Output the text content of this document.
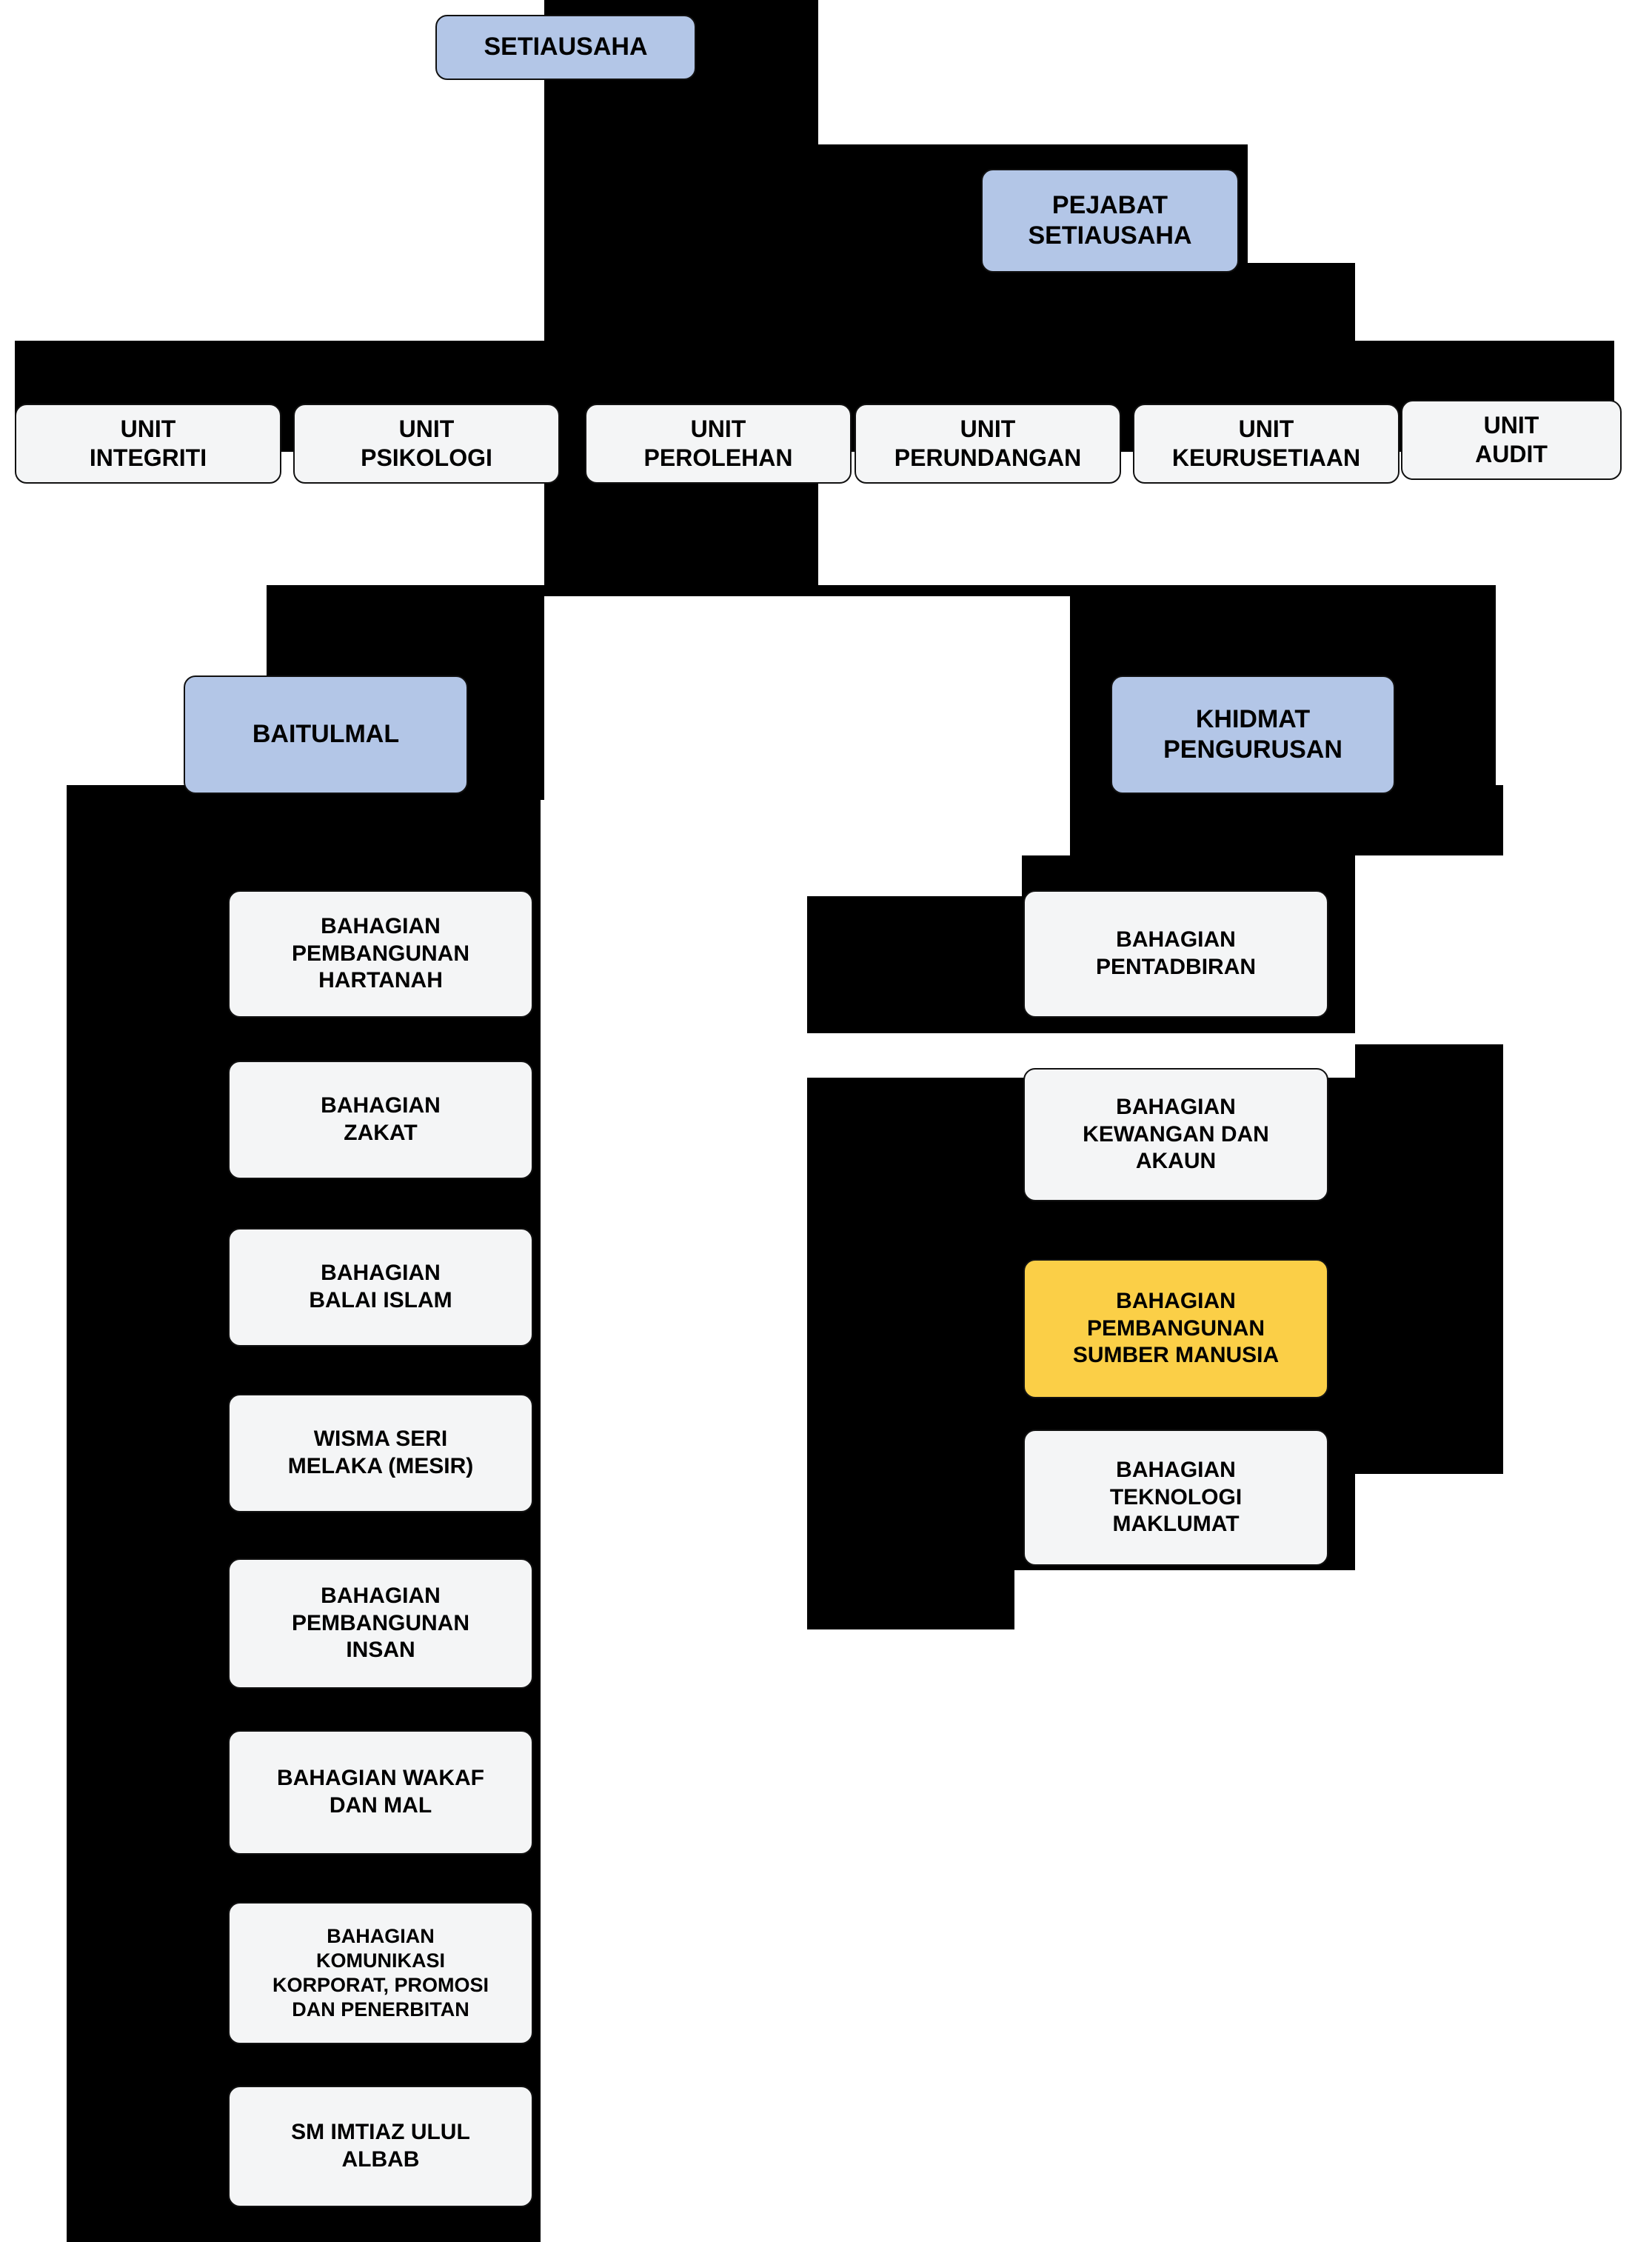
SETIAUSAHA
PEJABAT
SETIAUSAHA
UNIT
INTEGRITI
UNIT
PSIKOLOGI
UNIT
PEROLEHAN
UNIT
PERUNDANGAN
UNIT
KEURUSETIAAN
UNIT
AUDIT
BAITULMAL
KHIDMAT
PENGURUSAN
BAHAGIAN
PEMBANGUNAN
HARTANAH
BAHAGIAN
ZAKAT
BAHAGIAN
BALAI ISLAM
WISMA SERI
MELAKA (MESIR)
BAHAGIAN
PEMBANGUNAN
INSAN
BAHAGIAN WAKAF
DAN MAL
BAHAGIAN
KOMUNIKASI
KORPORAT, PROMOSI
DAN PENERBITAN
SM IMTIAZ ULUL
ALBAB
BAHAGIAN
PENTADBIRAN
BAHAGIAN
KEWANGAN DAN
AKAUN
BAHAGIAN
PEMBANGUNAN
SUMBER MANUSIA
BAHAGIAN
TEKNOLOGI
MAKLUMAT
